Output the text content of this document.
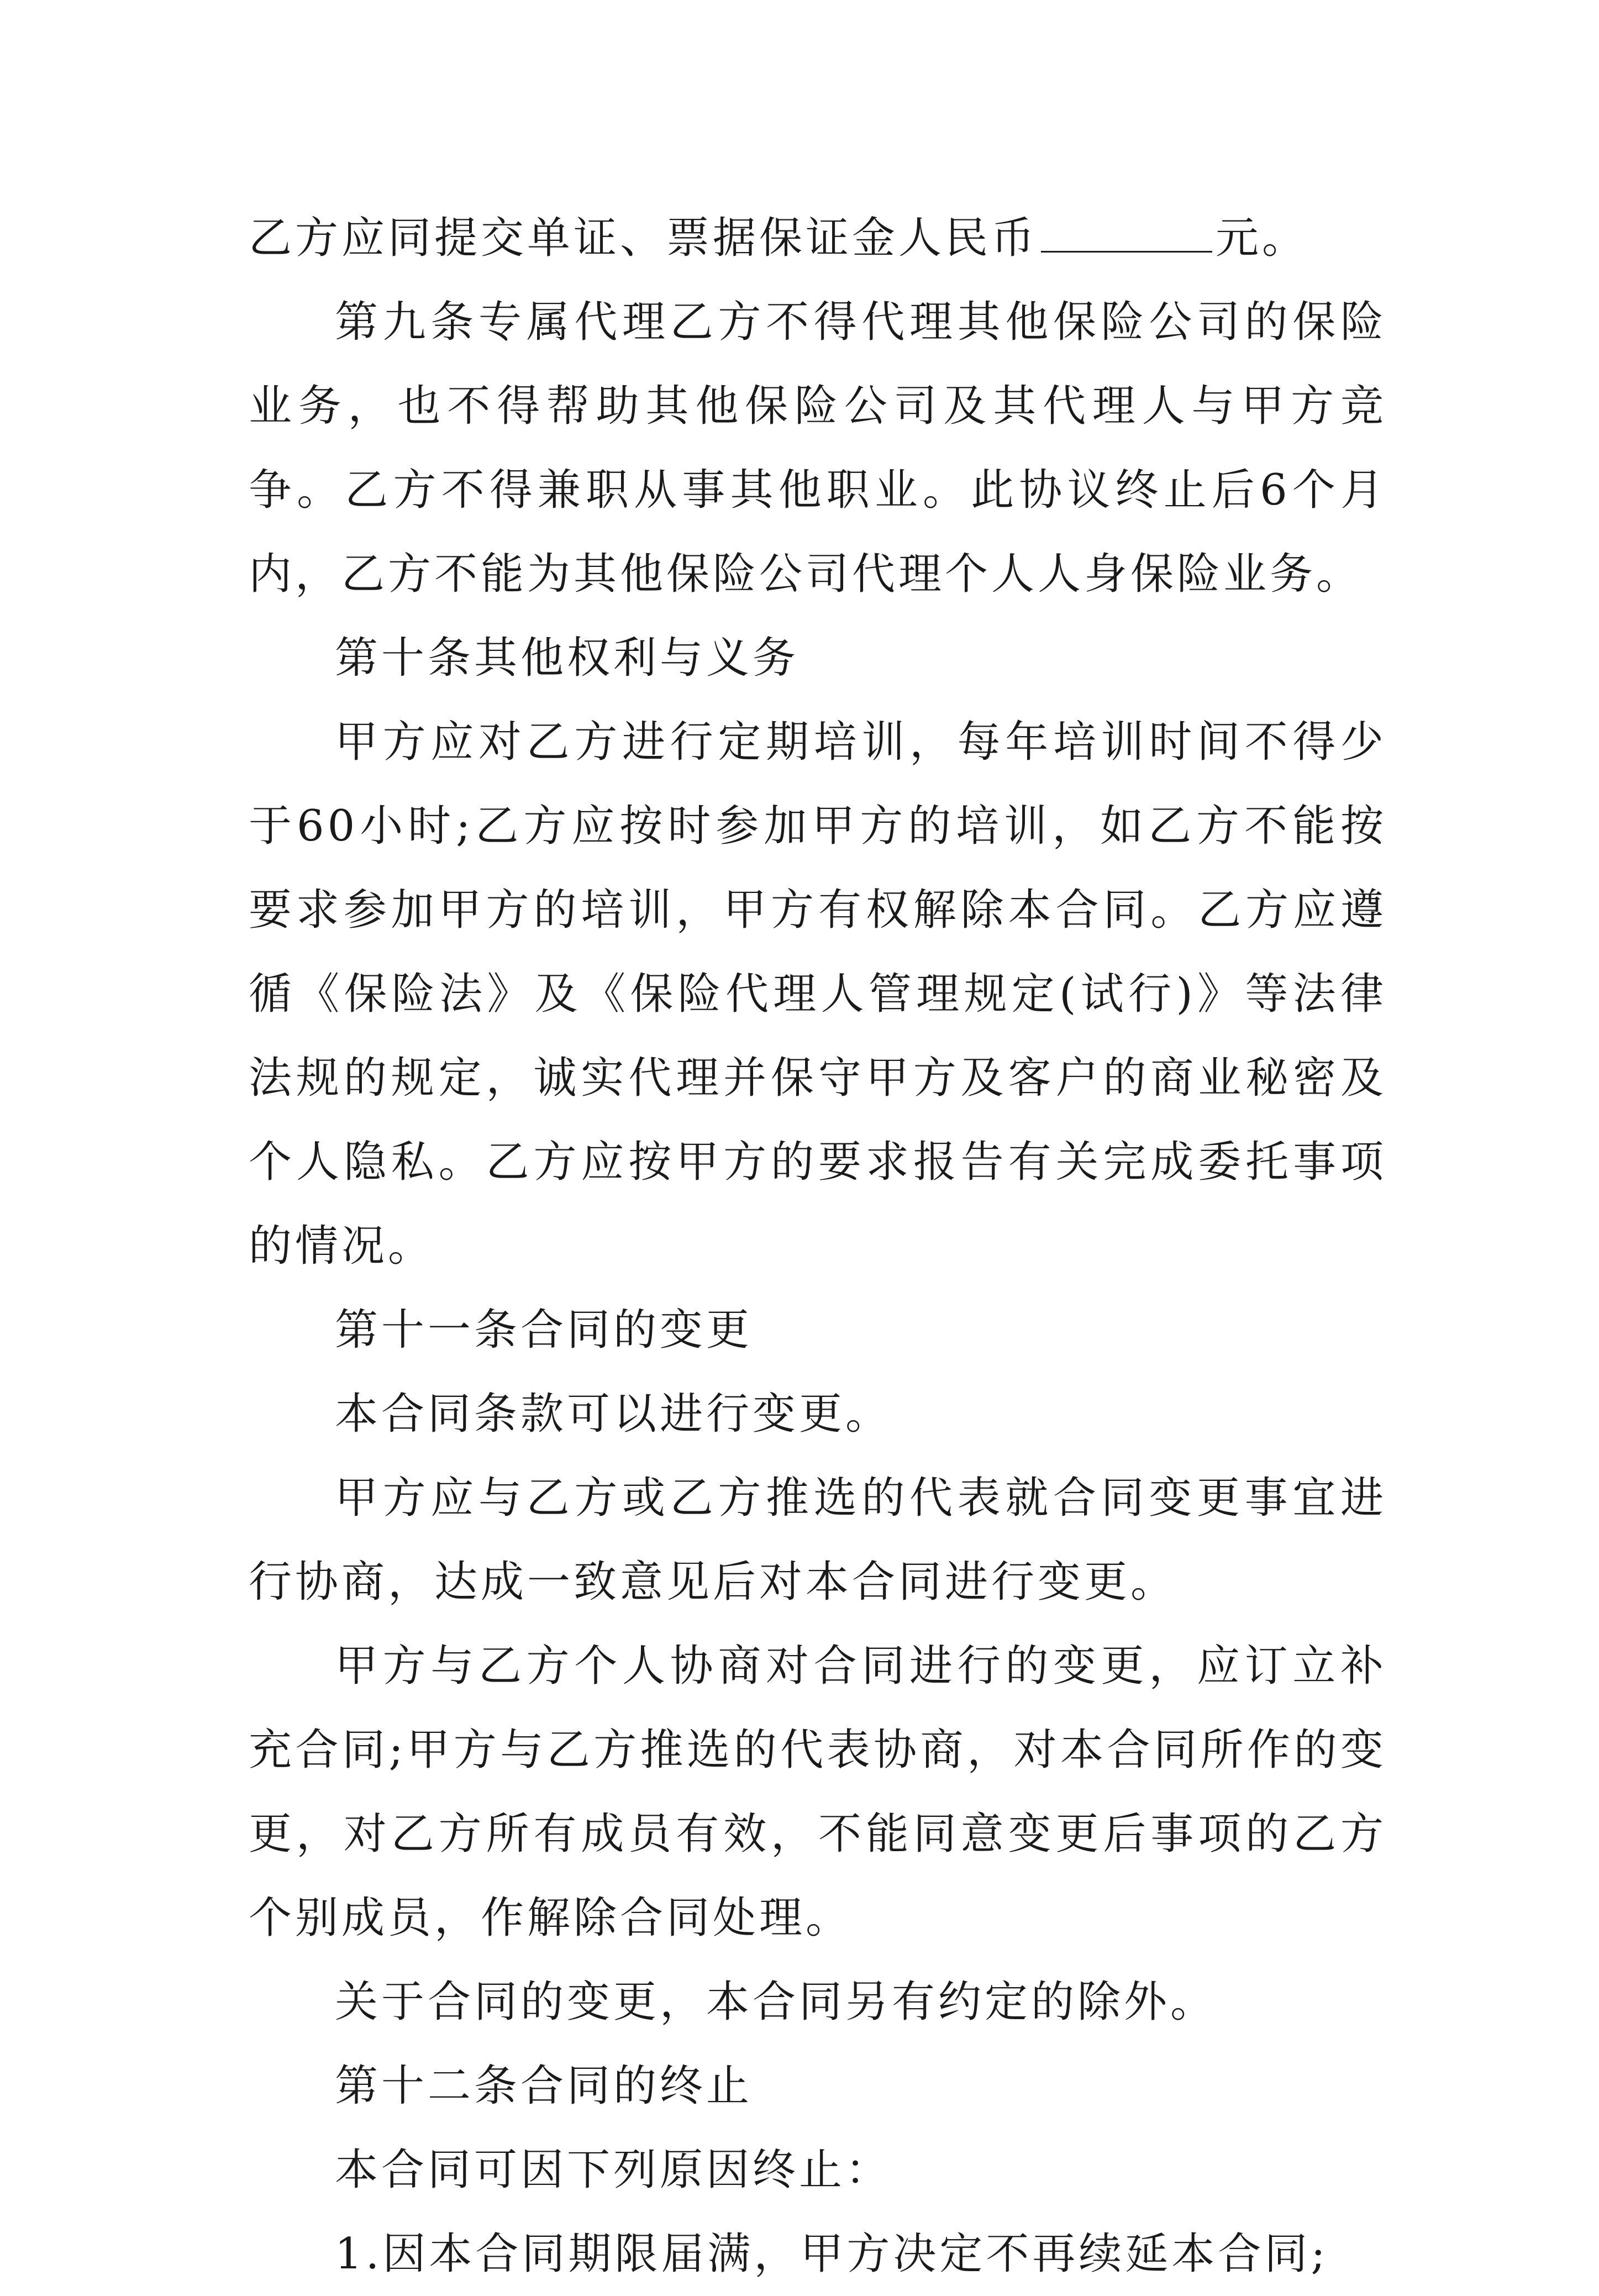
乙方应同提交单证、票据保证金人民币	元。

第九条专属代理乙方不得代理其他保险公司的保险业务，也不得帮助其他保险公司及其代理人与甲方竞争。乙方不得兼职从事其他职业。此协议终止后6个月内，乙方不能为其他保险公司代理个人人身保险业务。

第十条其他权利与义务

甲方应对乙方进行定期培训，每年培训时间不得少于60小时;乙方应按时参加甲方的培训，如乙方不能按要求参加甲方的培训，甲方有权解除本合同。乙方应遵循《保险法》及《保险代理人管理规定(试行)》等法律法规的规定，诚实代理并保守甲方及客户的商业秘密及个人隐私。乙方应按甲方的要求报告有关完成委托事项的情况。

第十一条合同的变更

本合同条款可以进行变更。

甲方应与乙方或乙方推选的代表就合同变更事宜进行协商，达成一致意见后对本合同进行变更。

甲方与乙方个人协商对合同进行的变更，应订立补充合同;甲方与乙方推选的代表协商，对本合同所作的变更，对乙方所有成员有效，不能同意变更后事项的乙方个别成员，作解除合同处理。

关于合同的变更，本合同另有约定的除外。

第十二条合同的终止

本合同可因下列原因终止：

1.因本合同期限届满，甲方决定不再续延本合同;
